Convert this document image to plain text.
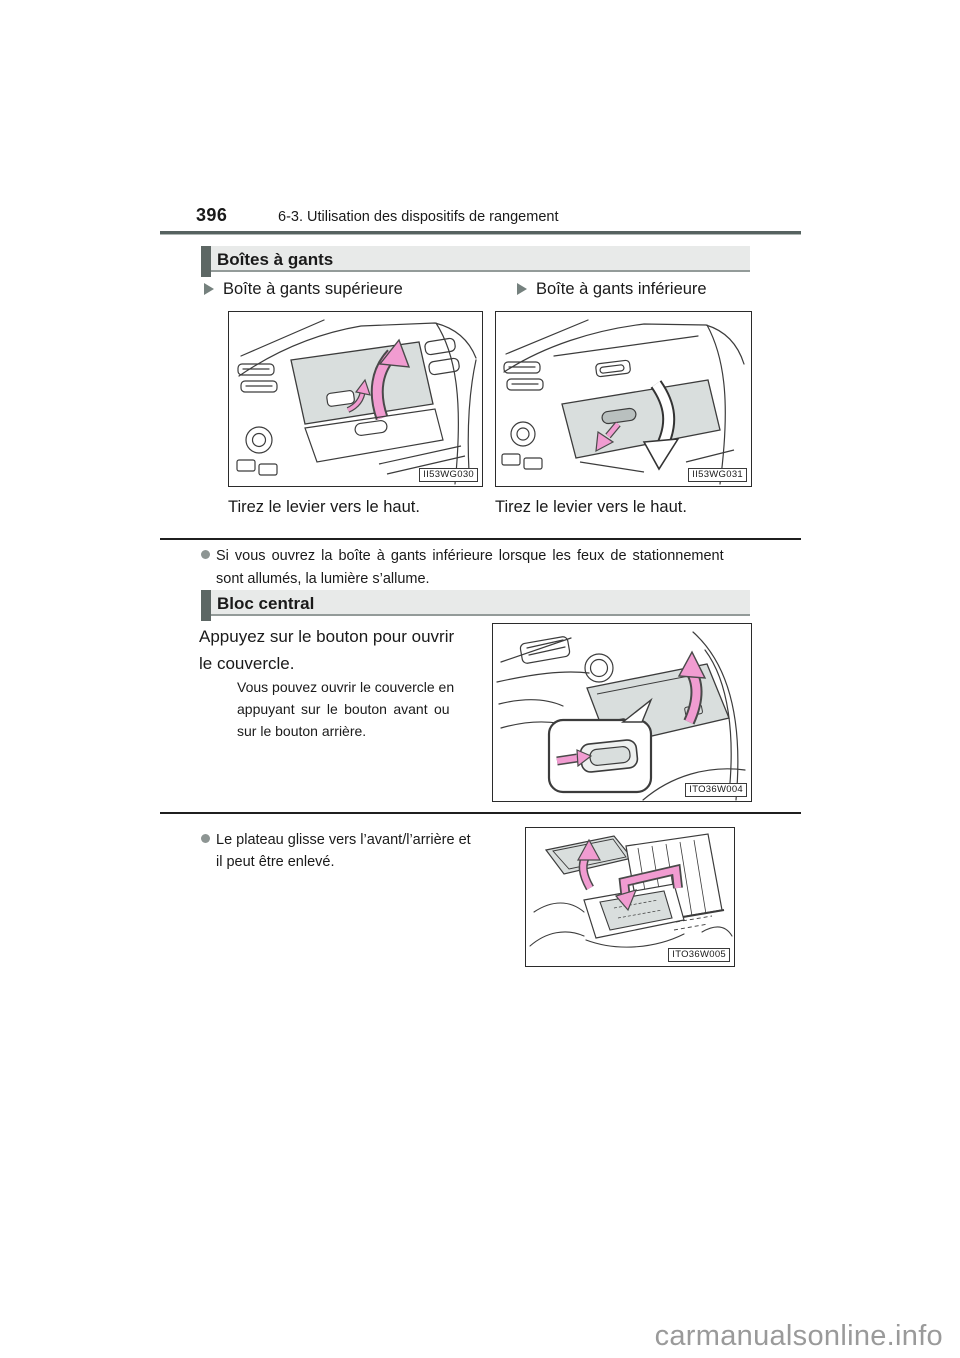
396	6-3. Utilisation des dispositifs de rangement
Boîtes à gants
Boîte à gants supérieure	Boîte à gants inférieure
II53WG030	II53WG031
Tirez le levier vers le haut.	Tirez le levier vers le haut.
Si vous ouvrez la boîte à gants inférieure lorsque les feux de stationnement
sont allumés, la lumière s’allume.
Bloc central
Appuyez sur le bouton pour ouvrir
le couvercle.
Vous pouvez ouvrir le couvercle en
appuyant sur le bouton avant ou
sur le bouton arrière.
ITO36W004
Le plateau glisse vers l’avant/l’arrière et
il peut être enlevé.
ITO36W005
carmanualsonline.info
